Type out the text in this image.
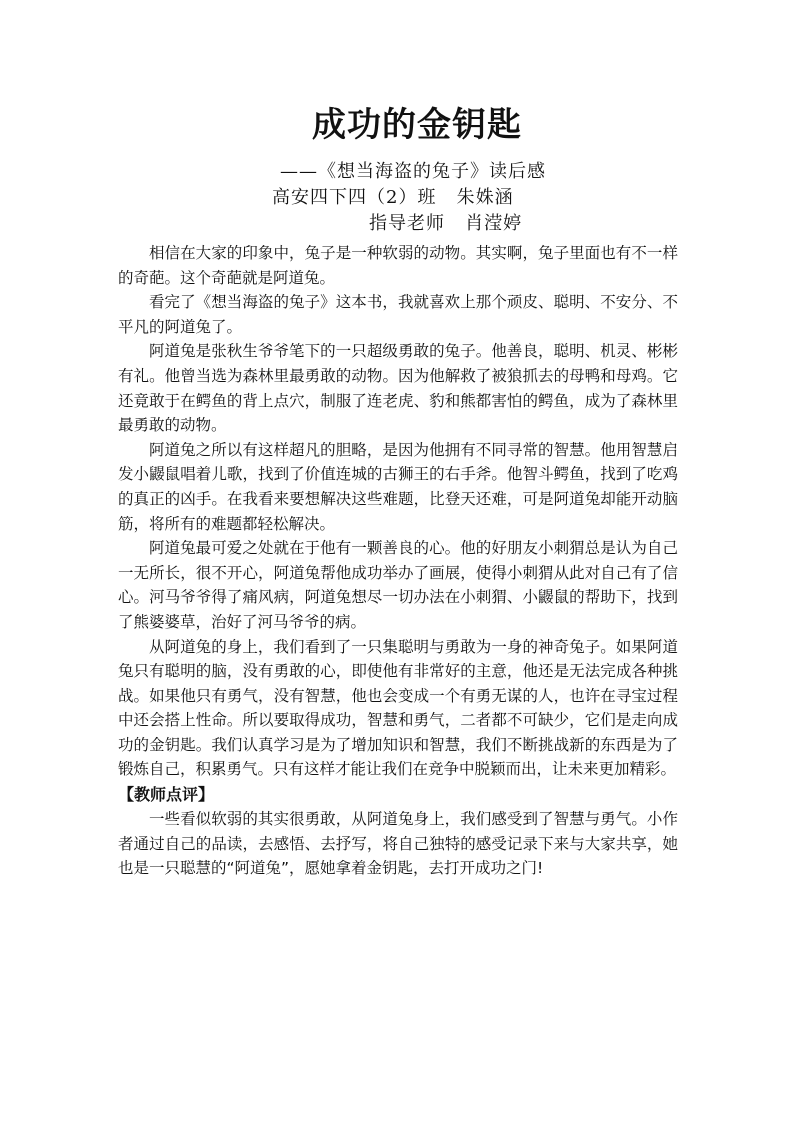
成功的金钥匙
——《想当海盗的兔子》读后感
高安四下四（2）班   朱姝涵
指导老师   肖滢婷

相信在大家的印象中，兔子是一种软弱的动物。其实啊，兔子里面也有不一样的奇葩。这个奇葩就是阿道兔。

看完了《想当海盗的兔子》这本书，我就喜欢上那个顽皮、聪明、不安分、不平凡的阿道兔了。

阿道兔是张秋生爷爷笔下的一只超级勇敢的兔子。他善良，聪明、机灵、彬彬有礼。他曾当选为森林里最勇敢的动物。因为他解救了被狼抓去的母鸭和母鸡。它还竟敢于在鳄鱼的背上点穴，制服了连老虎、豹和熊都害怕的鳄鱼，成为了森林里最勇敢的动物。

阿道兔之所以有这样超凡的胆略，是因为他拥有不同寻常的智慧。他用智慧启发小鼹鼠唱着儿歌，找到了价值连城的古狮王的右手斧。他智斗鳄鱼，找到了吃鸡的真正的凶手。在我看来要想解决这些难题，比登天还难，可是阿道兔却能开动脑筋，将所有的难题都轻松解决。

阿道兔最可爱之处就在于他有一颗善良的心。他的好朋友小刺猬总是认为自己一无所长，很不开心，阿道兔帮他成功举办了画展，使得小刺猬从此对自己有了信心。河马爷爷得了痛风病，阿道兔想尽一切办法在小刺猬、小鼹鼠的帮助下，找到了熊婆婆草，治好了河马爷爷的病。

从阿道兔的身上，我们看到了一只集聪明与勇敢为一身的神奇兔子。如果阿道兔只有聪明的脑，没有勇敢的心，即使他有非常好的主意，他还是无法完成各种挑战。如果他只有勇气，没有智慧，他也会变成一个有勇无谋的人，也许在寻宝过程中还会搭上性命。所以要取得成功，智慧和勇气，二者都不可缺少，它们是走向成功的金钥匙。我们认真学习是为了增加知识和智慧，我们不断挑战新的东西是为了锻炼自己，积累勇气。只有这样才能让我们在竞争中脱颖而出，让未来更加精彩。

【教师点评】

一些看似软弱的其实很勇敢，从阿道兔身上，我们感受到了智慧与勇气。小作者通过自己的品读，去感悟、去抒写，将自己独特的感受记录下来与大家共享，她也是一只聪慧的“阿道兔”，愿她拿着金钥匙，去打开成功之门!
